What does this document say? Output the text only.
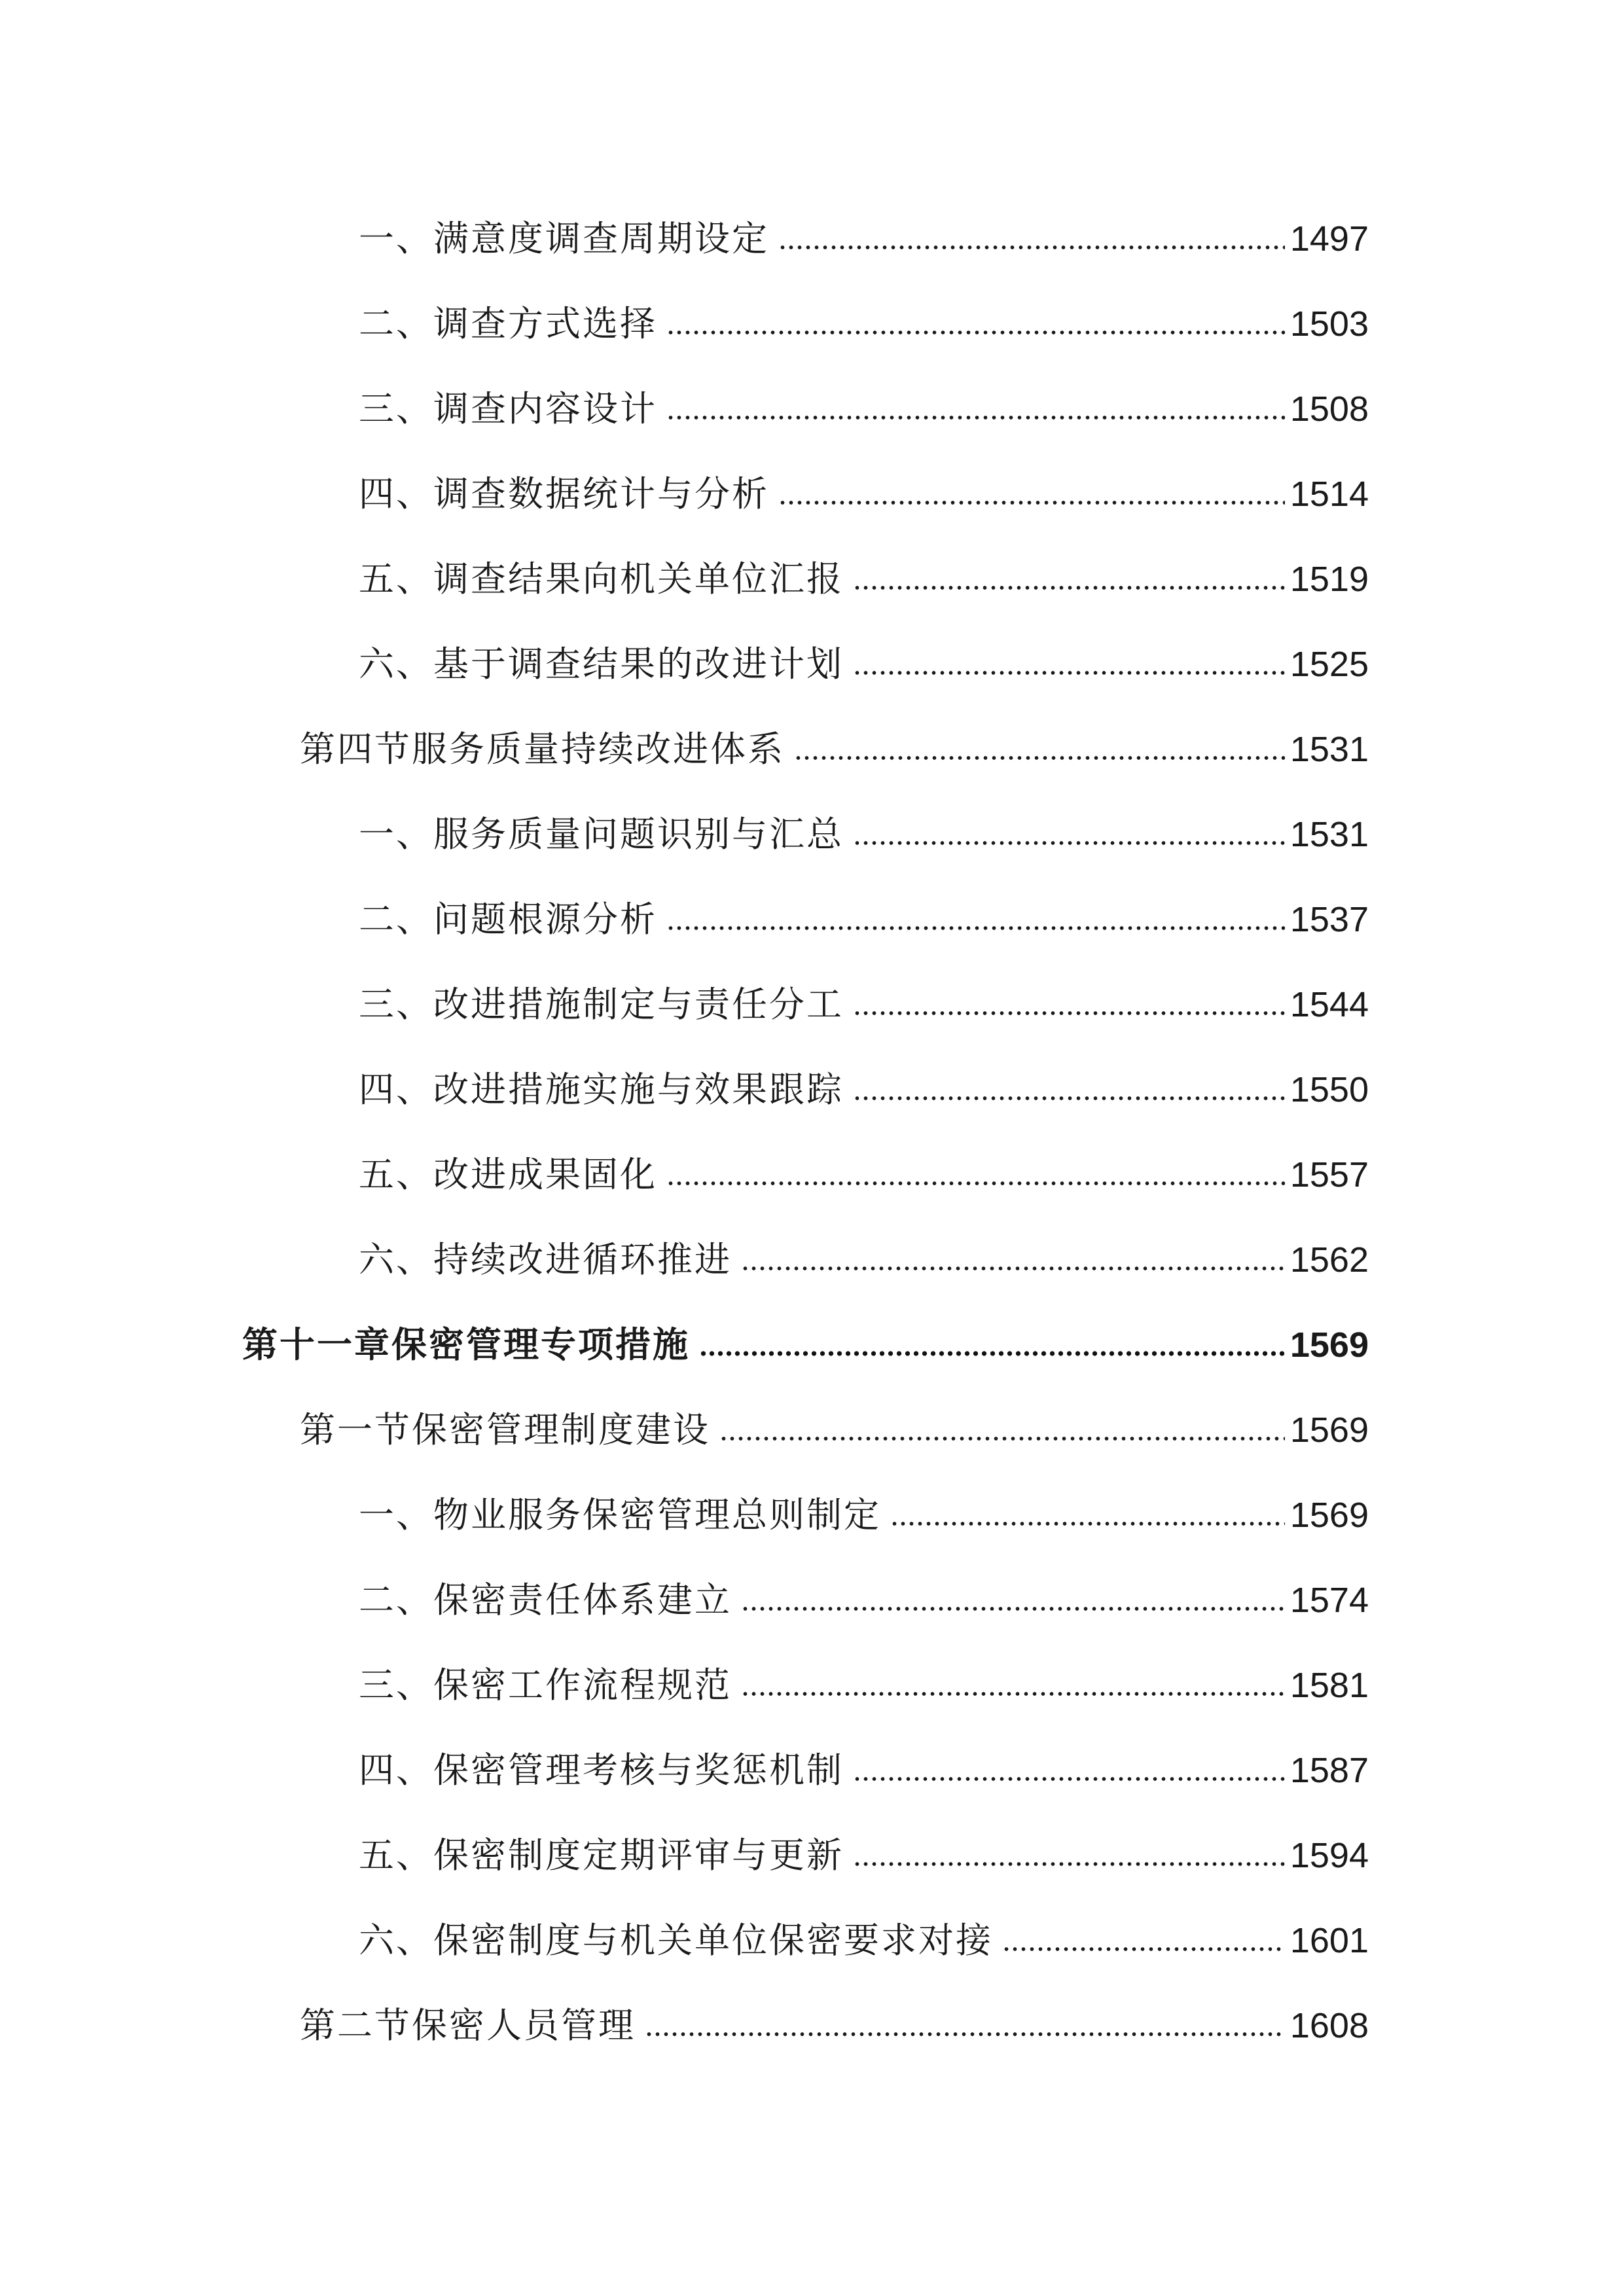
一、满意度调查周期设定	1497
二、调查方式选择	1503
三、调查内容设计	1508
四、调查数据统计与分析	1514
五、调查结果向机关单位汇报	1519
六、基于调查结果的改进计划	1525
第四节服务质量持续改进体系	1531
一、服务质量问题识别与汇总	1531
二、问题根源分析	1537
三、改进措施制定与责任分工	1544
四、改进措施实施与效果跟踪	1550
五、改进成果固化	1557
六、持续改进循环推进	1562
第十一章保密管理专项措施	1569
第一节保密管理制度建设	1569
一、物业服务保密管理总则制定	1569
二、保密责任体系建立	1574
三、保密工作流程规范	1581
四、保密管理考核与奖惩机制	1587
五、保密制度定期评审与更新	1594
六、保密制度与机关单位保密要求对接	1601
第二节保密人员管理	1608
